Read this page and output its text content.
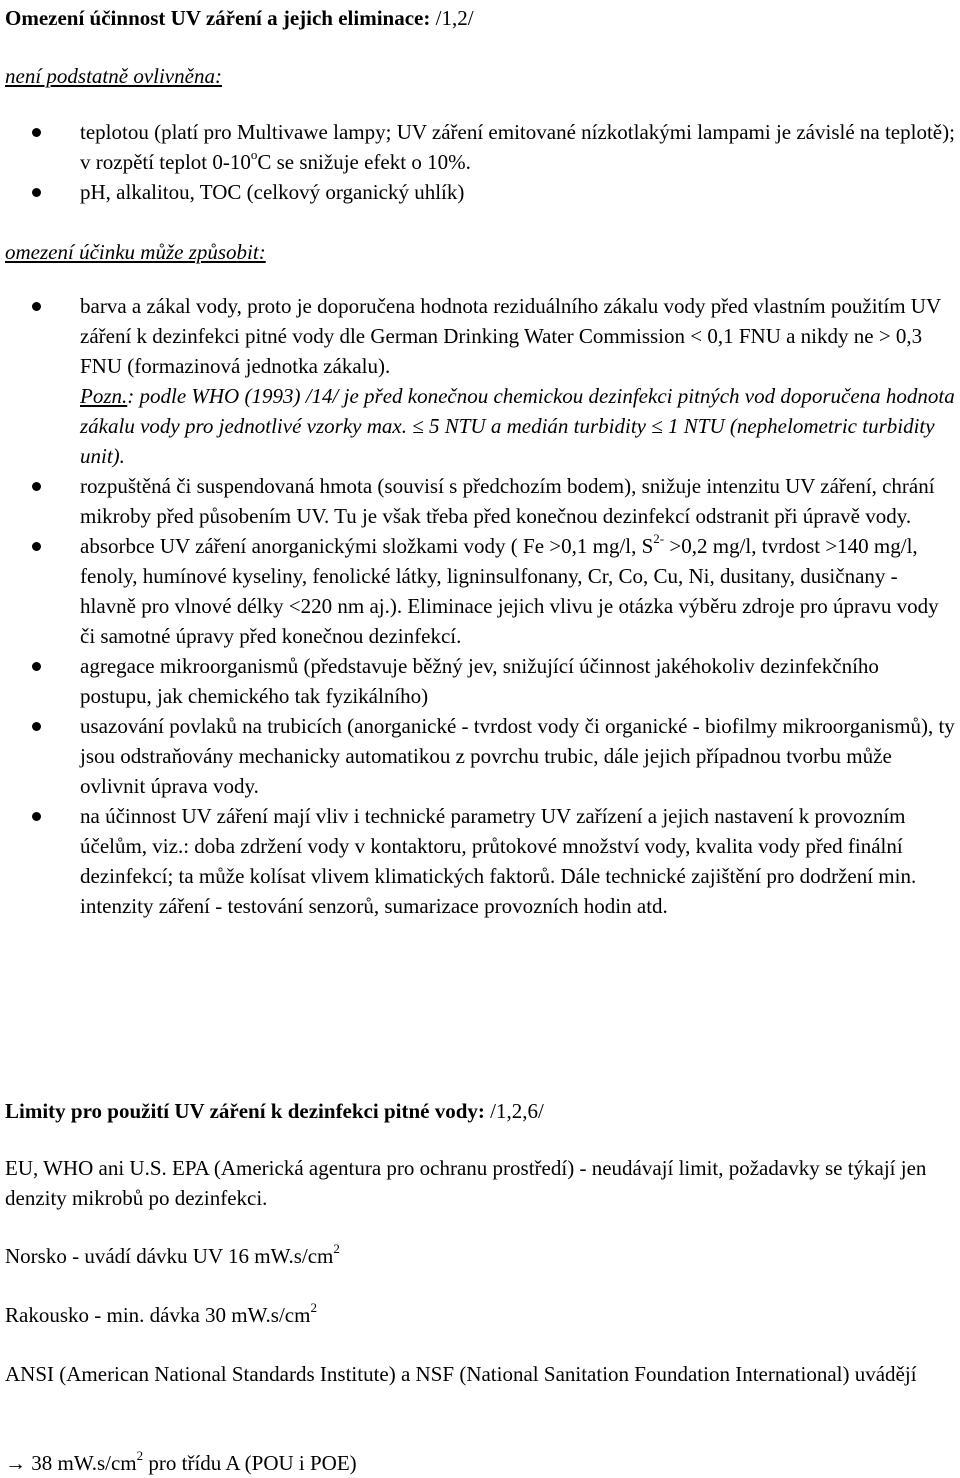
Omezení účinnost UV záření a jejich eliminace: /1,2/

není podstatně ovlivněna:

teplotou (platí pro Multivawe lampy; UV záření emitované nízkotlakými lampami je závislé na teplotě); v rozpětí teplot 0-10$^o$C se snižuje efekt o 10%.
pH, alkalitou, TOC (celkový organický uhlík)

omezení účinku může způsobit:

barva a zákal vody, proto je doporučena hodnota reziduálního zákalu vody před vlastním použitím UV záření k dezinfekci pitné vody dle German Drinking Water Commission < 0,1 FNU a nikdy ne > 0,3 FNU (formazinová jednotka zákalu).
Pozn.: podle WHO (1993) /14/ je před konečnou chemickou dezinfekci pitných vod doporučena hodnota zákalu vody pro jednotlivé vzorky max. ≤ 5 NTU a medián turbidity ≤ 1 NTU (nephelometric turbidity unit).
rozpuštěná či suspendovaná hmota (souvisí s předchozím bodem), snižuje intenzitu UV záření, chrání mikroby před působením UV. Tu je však třeba před konečnou dezinfekcí odstranit při úpravě vody.
absorbce UV záření anorganickými složkami vody ( Fe >0,1 mg/l, $S^{2-} >0,2$ mg/l, tvrdost >140 mg/l, fenoly, humínové kyseliny, fenolické látky, ligninsulfonany, Cr, Co, Cu, Ni, dusitany, dusičnany - hlavně pro vlnové délky <220 nm aj.). Eliminace jejich vlivu je otázka výběru zdroje pro úpravu vody či samotné úpravy před konečnou dezinfekcí.
agregace mikroorganismů (představuje běžný jev, snižující účinnost jakéhokoliv dezinfekčního postupu, jak chemického tak fyzikálního)
usazování povlaků na trubicích (anorganické - tvrdost vody či organické - biofilmy mikroorganismů), ty jsou odstraňovány mechanicky automatikou z povrchu trubic, dále jejich případnou tvorbu může ovlivnit úprava vody.
na účinnost UV záření mají vliv i technické parametry UV zařízení a jejich nastavení k provozním účelům, viz.: doba zdržení vody v kontaktoru, průtokové množství vody, kvalita vody před finální dezinfekcí; ta může kolísat vlivem klimatických faktorů. Dále technické zajištění pro dodržení min. intenzity záření - testování senzorů, sumarizace provozních hodin atd.

Limity pro použití UV záření k dezinfekci pitné vody: /1,2,6/

EU, WHO ani U.S. EPA (Americká agentura pro ochranu prostředí) - neudávají limit, požadavky se týkají jen denzity mikrobů po dezinfekci.

Norsko - uvádí dávku UV 16 $mW.s/cm^2$

Rakousko - min. dávka 30 $mW.s/cm^2$

ANSI (American National Standards Institute) a NSF (National Sanitation Foundation International) uvádějí

→ 38 $mW.s/cm^2$ pro třídu A (POU i POE)
